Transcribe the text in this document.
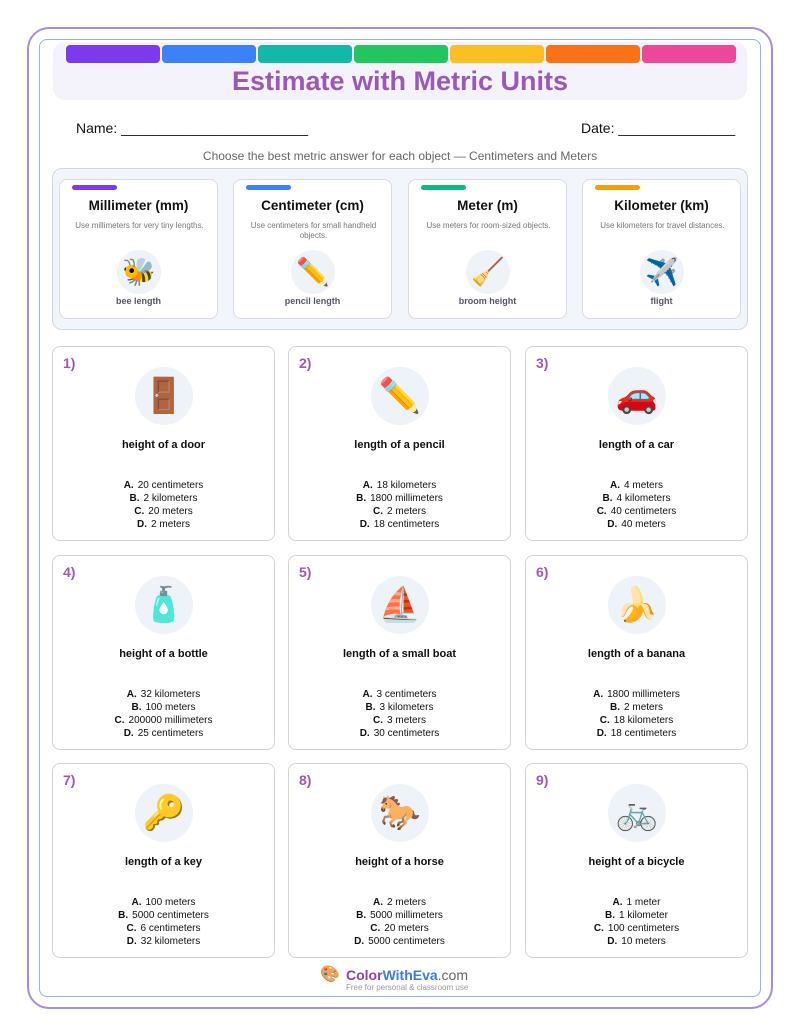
Estimate with Metric Units
Name: ________________________	Date: _______________
Choose the best metric answer for each object — Centimeters and Meters
Millimeter (mm)
Use millimeters for very tiny lengths.
🐝
bee length
Centimeter (cm)
Use centimeters for small handheld objects.
✏️
pencil length
Meter (m)
Use meters for room-sized objects.
🧹
broom height
Kilometer (km)
Use kilometers for travel distances.
✈️
flight
1)
🚪
height of a door
A. 20 centimeters
B. 2 kilometers
C. 20 meters
D. 2 meters
2)
✏️
length of a pencil
A. 18 kilometers
B. 1800 millimeters
C. 2 meters
D. 18 centimeters
3)
🚗
length of a car
A. 4 meters
B. 4 kilometers
C. 40 centimeters
D. 40 meters
4)
🧴
height of a bottle
A. 32 kilometers
B. 100 meters
C. 200000 millimeters
D. 25 centimeters
5)
⛵
length of a small boat
A. 3 centimeters
B. 3 kilometers
C. 3 meters
D. 30 centimeters
6)
🍌
length of a banana
A. 1800 millimeters
B. 2 meters
C. 18 kilometers
D. 18 centimeters
7)
🔑
length of a key
A. 100 meters
B. 5000 centimeters
C. 6 centimeters
D. 32 kilometers
8)
🐎
height of a horse
A. 2 meters
B. 5000 millimeters
C. 20 meters
D. 5000 centimeters
9)
🚲
height of a bicycle
A. 1 meter
B. 1 kilometer
C. 100 centimeters
D. 10 meters
🎨 ColorWithEva.com
Free for personal & classroom use
